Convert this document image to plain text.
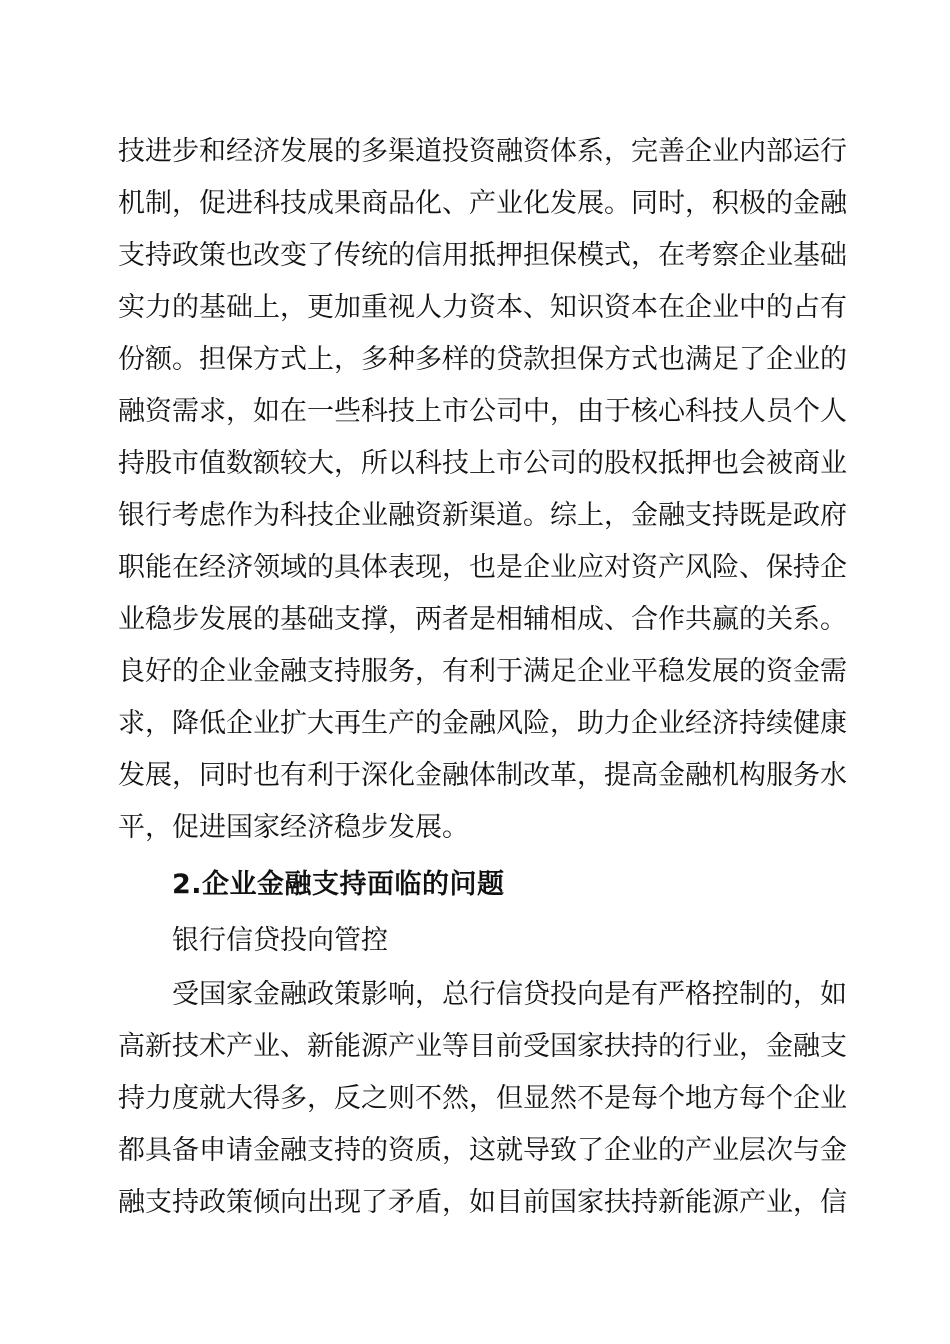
技 进 步 和 经 济 发 展 的 多 渠 道 投 资 融 资 体 系 ， 完 善 企 业 内 部 运 行
机 制 ， 促 进 科 技 成 果 商 品 化 、 产 业 化 发 展 。 同 时 ， 积 极 的 金 融
支 持 政 策 也 改 变 了 传 统 的 信 用 抵 押 担 保 模 式 ， 在 考 察 企 业 基 础
实 力 的 基 础 上 ， 更 加 重 视 人 力 资 本 、 知 识 资 本 在 企 业 中 的 占 有
份 额 。 担 保 方 式 上 ， 多 种 多 样 的 贷 款 担 保 方 式 也 满 足 了 企 业 的
融 资 需 求 ， 如 在 一 些 科 技 上 市 公 司 中 ， 由 于 核 心 科 技 人 员 个 人
持 股 市 值 数 额 较 大 ， 所 以 科 技 上 市 公 司 的 股 权 抵 押 也 会 被 商 业
银 行 考 虑 作 为 科 技 企 业 融 资 新 渠 道 。 综 上 ， 金 融 支 持 既 是 政 府
职 能 在 经 济 领 域 的 具 体 表 现 ， 也 是 企 业 应 对 资 产 风 险 、 保 持 企
业 稳 步 发 展 的 基 础 支 撑 ， 两 者 是 相 辅 相 成 、 合 作 共 赢 的 关 系 。
良 好 的 企 业 金 融 支 持 服 务 ， 有 利 于 满 足 企 业 平 稳 发 展 的 资 金 需
求 ， 降 低 企 业 扩 大 再 生 产 的 金 融 风 险 ， 助 力 企 业 经 济 持 续 健 康
发 展 ， 同 时 也 有 利 于 深 化 金 融 体 制 改 革 ， 提 高 金 融 机 构 服 务 水
平，促进国家经济稳步发展。
2.企业金融支持面临的问题
银行信贷投向管控
受 国 家 金 融 政 策 影 响 ， 总 行 信 贷 投 向 是 有 严 格 控 制 的 ， 如
高 新 技 术 产 业 、 新 能 源 产 业 等 目 前 受 国 家 扶 持 的 行 业 ， 金 融 支
持 力 度 就 大 得 多 ， 反 之 则 不 然 ， 但 显 然 不 是 每 个 地 方 每 个 企 业
都 具 备 申 请 金 融 支 持 的 资 质 ， 这 就 导 致 了 企 业 的 产 业 层 次 与 金
融 支 持 政 策 倾 向 出 现 了 矛 盾 ， 如 目 前 国 家 扶 持 新 能 源 产 业 ， 信
